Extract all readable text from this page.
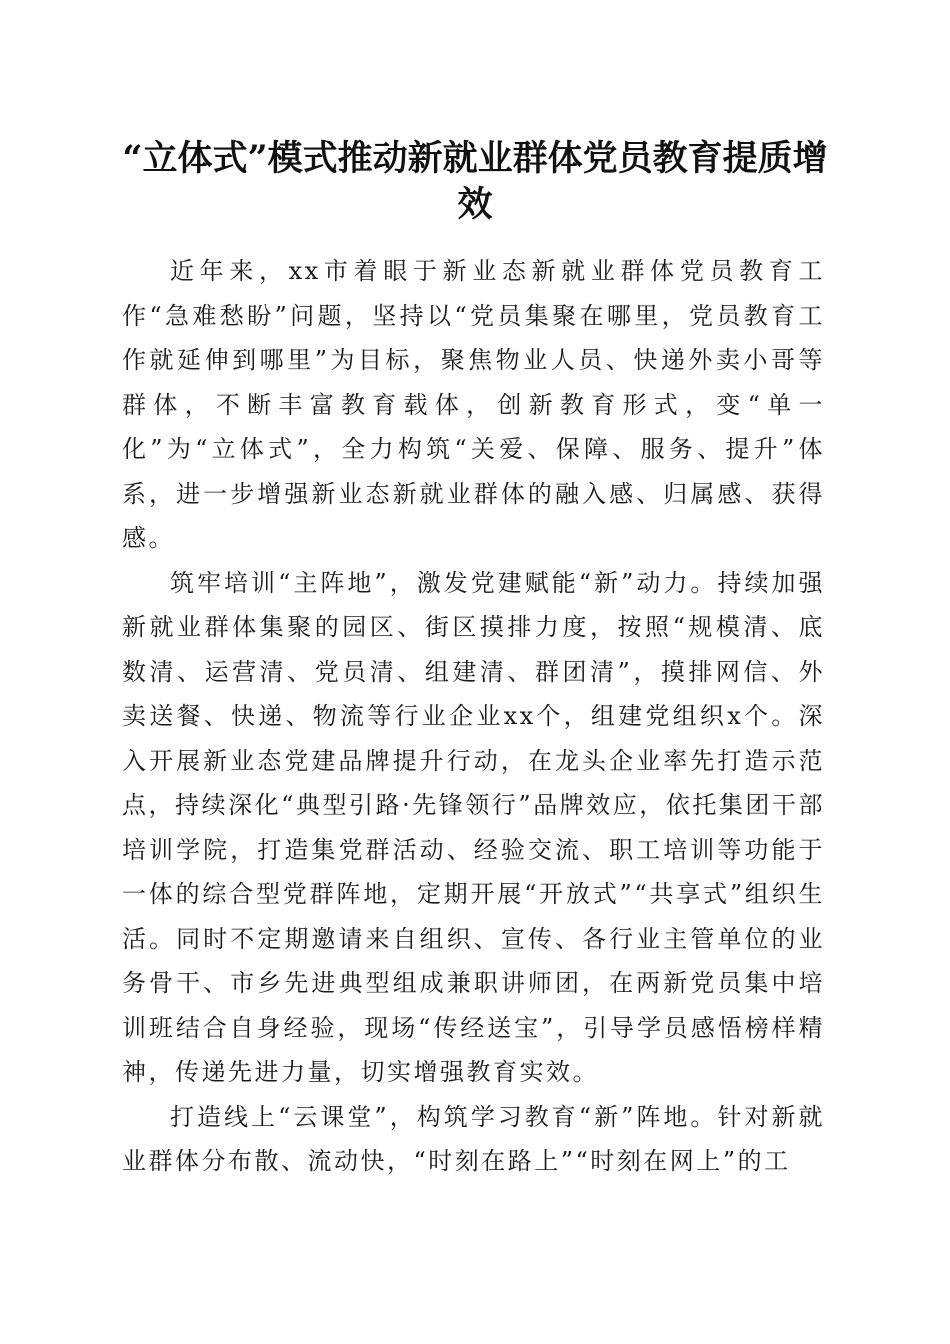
“立体式”模式推动新就业群体党员教育提质增效

近年来，xx市着眼于新业态新就业群体党员教育工作“急难愁盼”问题，坚持以“党员集聚在哪里，党员教育工作就延伸到哪里”为目标，聚焦物业人员、快递外卖小哥等群体，不断丰富教育载体，创新教育形式，变“单一化”为“立体式”，全力构筑“关爱、保障、服务、提升”体系，进一步增强新业态新就业群体的融入感、归属感、获得感。

筑牢培训“主阵地”，激发党建赋能“新”动力。持续加强新就业群体集聚的园区、街区摸排力度，按照“规模清、底数清、运营清、党员清、组建清、群团清”，摸排网信、外卖送餐、快递、物流等行业企业xx个，组建党组织x个。深入开展新业态党建品牌提升行动，在龙头企业率先打造示范点，持续深化“典型引路·先锋领行”品牌效应，依托集团干部培训学院，打造集党群活动、经验交流、职工培训等功能于一体的综合型党群阵地，定期开展“开放式”“共享式”组织生活。同时不定期邀请来自组织、宣传、各行业主管单位的业务骨干、市乡先进典型组成兼职讲师团，在两新党员集中培训班结合自身经验，现场“传经送宝”，引导学员感悟榜样精神，传递先进力量，切实增强教育实效。

打造线上“云课堂”，构筑学习教育“新”阵地。针对新就业群体分布散、流动快，“时刻在路上”“时刻在网上”的工
